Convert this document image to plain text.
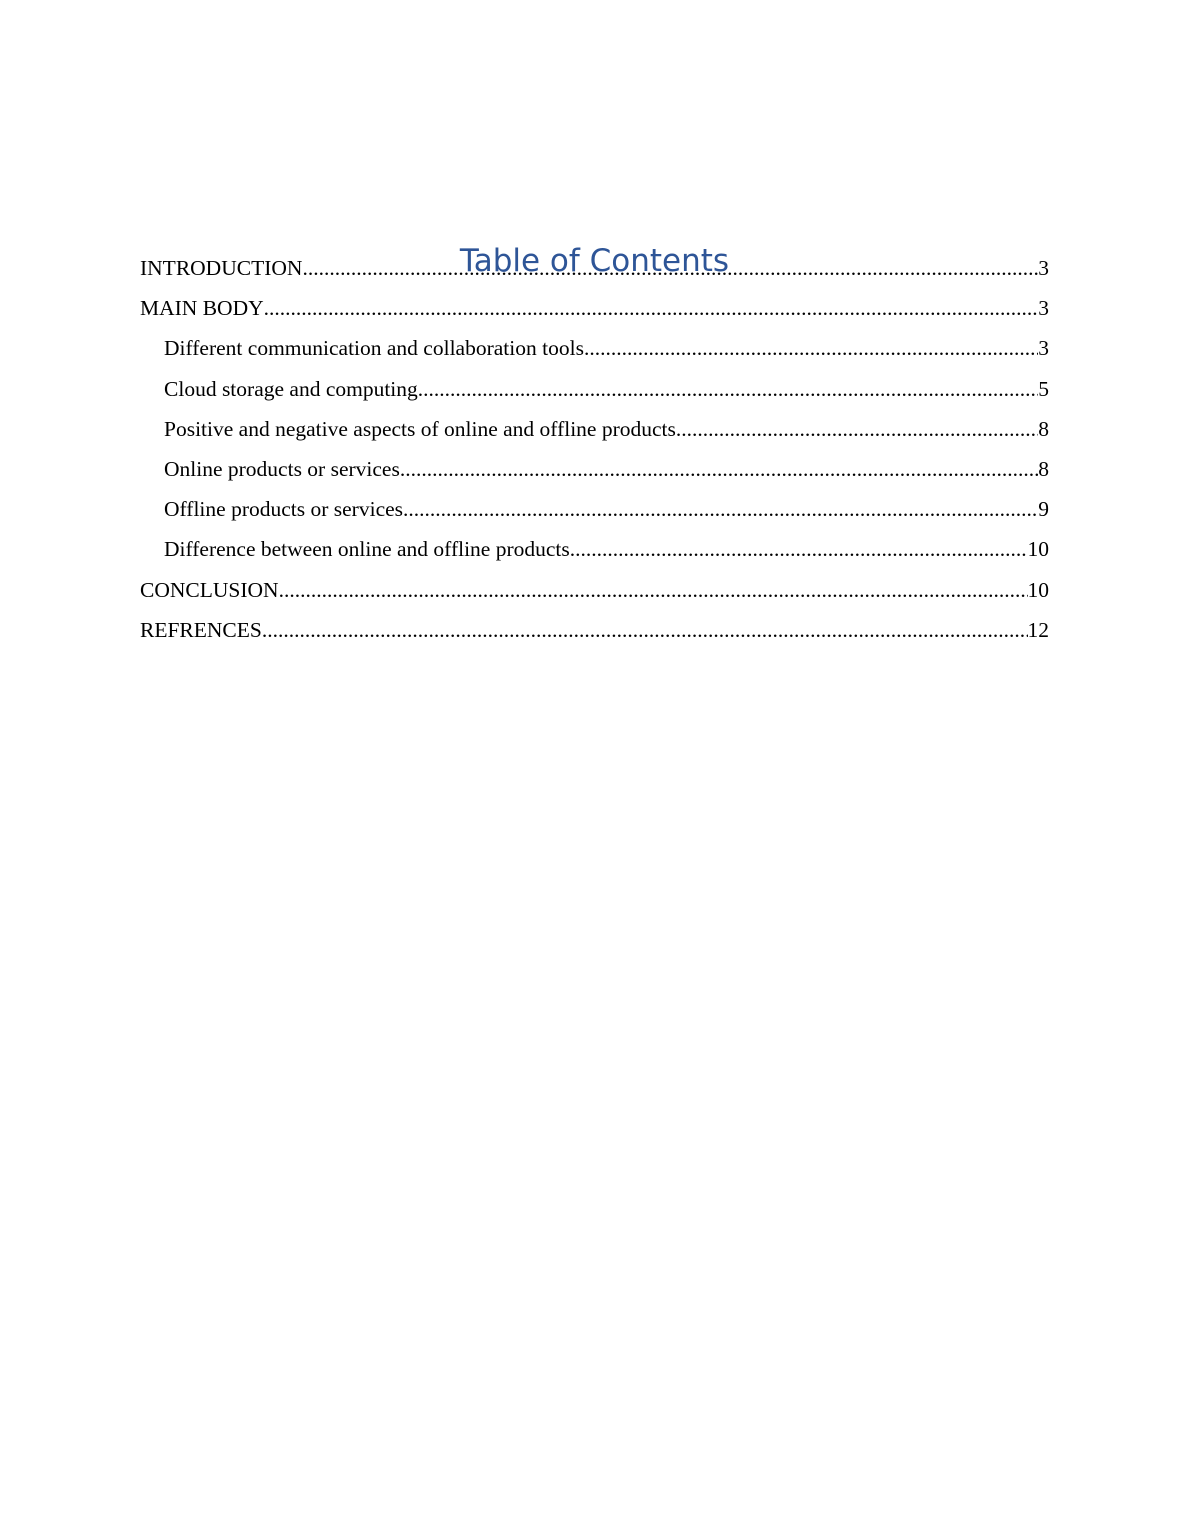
Table of Contents
INTRODUCTION .....	3
MAIN BODY .....	3
Different communication and collaboration tools .....	3
Cloud storage and computing .....	5
Positive and negative aspects of online and offline products .....	8
Online products or services .....	8
Offline products or services .....	9
Difference between online and offline products .....	10
CONCLUSION .....	10
REFRENCES .....	12
